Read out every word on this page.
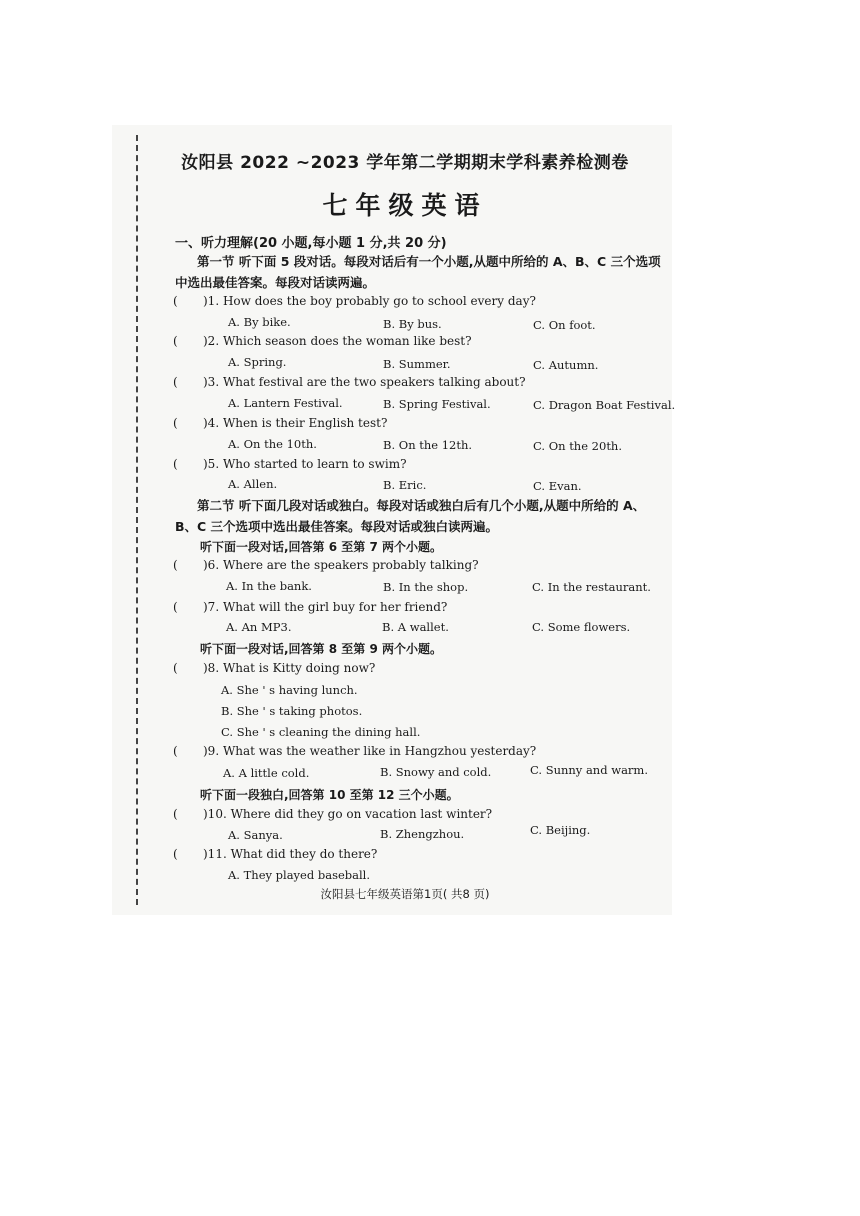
汝阳县 2022 ~2023 学年第二学期期末学科素养检测卷
七年级英语
一、听力理解(20 小题,每小题 1 分,共 20 分)
第一节 听下面 5 段对话。每段对话后有一个小题,从题中所给的 A、B、C 三个选项
中选出最佳答案。每段对话读两遍。
( )1. How does the boy probably go to school every day?
A. By bike.	B. By bus.	C. On foot.
( )2. Which season does the woman like best?
A. Spring.	B. Summer.	C. Autumn.
( )3. What festival are the two speakers talking about?
A. Lantern Festival.	B. Spring Festival.	C. Dragon Boat Festival.
( )4. When is their English test?
A. On the 10th.	B. On the 12th.	C. On the 20th.
( )5. Who started to learn to swim?
A. Allen.	B. Eric.	C. Evan.
第二节 听下面几段对话或独白。每段对话或独白后有几个小题,从题中所给的 A、
B、C 三个选项中选出最佳答案。每段对话或独白读两遍。
听下面一段对话,回答第 6 至第 7 两个小题。
( )6. Where are the speakers probably talking?
A. In the bank.	B. In the shop.	C. In the restaurant.
( )7. What will the girl buy for her friend?
A. An MP3.	B. A wallet.	C. Some flowers.
听下面一段对话,回答第 8 至第 9 两个小题。
( )8. What is Kitty doing now?
A. She ' s having lunch.
B. She ' s taking photos.
C. She ' s cleaning the dining hall.
( )9. What was the weather like in Hangzhou yesterday?
A. A little cold.	B. Snowy and cold.	C. Sunny and warm.
听下面一段独白,回答第 10 至第 12 三个小题。
( )10. Where did they go on vacation last winter?
A. Sanya.	B. Zhengzhou.	C. Beijing.
( )11. What did they do there?
A. They played baseball.
汝阳县七年级英语第1页( 共8 页)
